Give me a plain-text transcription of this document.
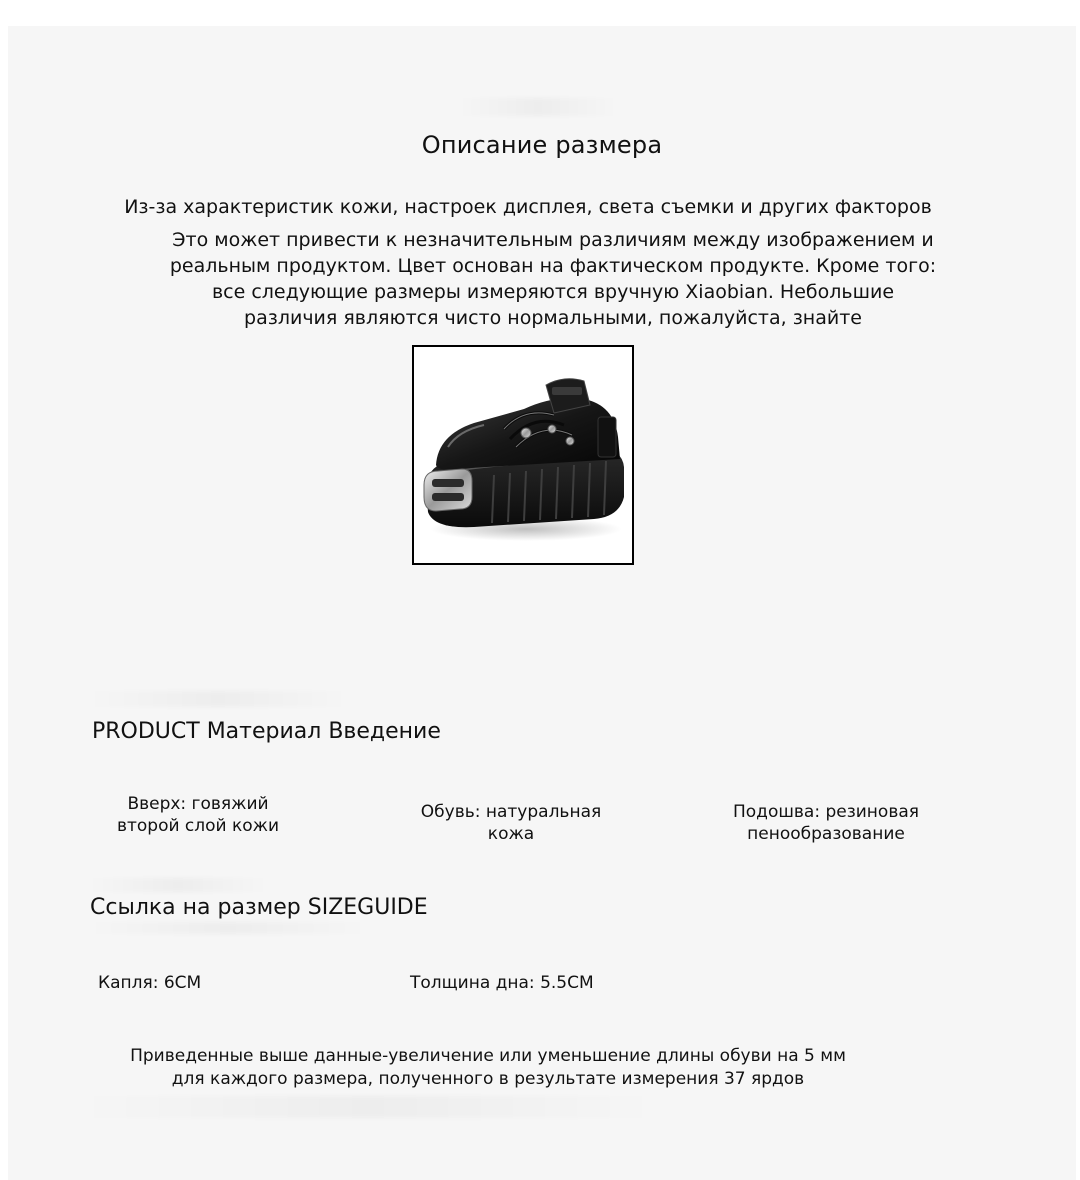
Описание размера
Из-за характеристик кожи, настроек дисплея, света съемки и других факторов
Это может привести к незначительным различиям между изображением и
реальным продуктом. Цвет основан на фактическом продукте. Кроме того:
все следующие размеры измеряются вручную Xiaobian. Небольшие
различия являются чисто нормальными, пожалуйста, знайте
PRODUCT Материал Введение
Вверх: говяжий
второй слой кожи
Обувь: натуральная
кожа
Подошва: резиновая
пенообразование
Ссылка на размер SIZEGUIDE
Капля: 6CM	Толщина дна: 5.5CM
Приведенные выше данные-увеличение или уменьшение длины обуви на 5 мм
для каждого размера, полученного в результате измерения 37 ярдов
